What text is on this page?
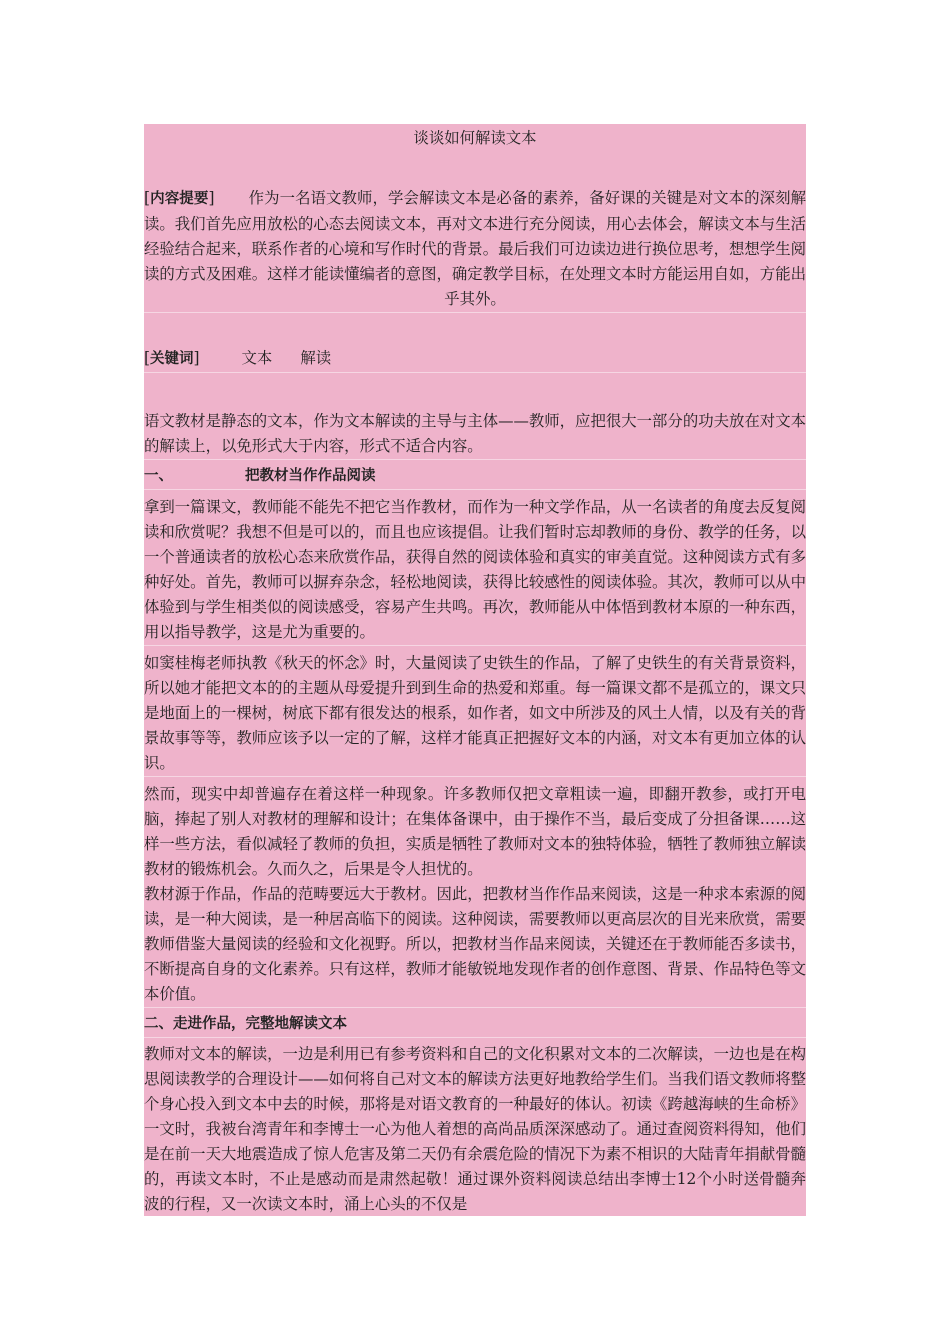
谈谈如何解读文本
[内容提要] 作为一名语文教师，学会解读文本是必备的素养，备好课的关键是对文本的深刻解读。我们首先应用放松的心态去阅读文本，再对文本进行充分阅读，用心去体会，解读文本与生活经验结合起来，联系作者的心境和写作时代的背景。最后我们可边读边进行换位思考，想想学生阅读的方式及困难。这样才能读懂编者的意图，确定教学目标，在处理文本时方能运用自如，方能出乎其外。
[关键词]	文本 解读
语文教材是静态的文本，作为文本解读的主导与主体——教师，应把很大一部分的功夫放在对文本的解读上，以免形式大于内容，形式不适合内容。
一、	把教材当作作品阅读
拿到一篇课文，教师能不能先不把它当作教材，而作为一种文学作品，从一名读者的角度去反复阅读和欣赏呢？我想不但是可以的，而且也应该提倡。让我们暂时忘却教师的身份、教学的任务，以一个普通读者的放松心态来欣赏作品，获得自然的阅读体验和真实的审美直觉。这种阅读方式有多种好处。首先，教师可以摒弃杂念，轻松地阅读，获得比较感性的阅读体验。其次，教师可以从中体验到与学生相类似的阅读感受，容易产生共鸣。再次，教师能从中体悟到教材本原的一种东西，用以指导教学，这是尤为重要的。
如窦桂梅老师执教《秋天的怀念》时，大量阅读了史铁生的作品，了解了史铁生的有关背景资料，所以她才能把文本的的主题从母爱提升到到生命的热爱和郑重。每一篇课文都不是孤立的，课文只是地面上的一棵树，树底下都有很发达的根系，如作者，如文中所涉及的风土人情，以及有关的背景故事等等，教师应该予以一定的了解，这样才能真正把握好文本的内涵，对文本有更加立体的认识。
然而，现实中却普遍存在着这样一种现象。许多教师仅把文章粗读一遍，即翻开教参，或打开电脑，捧起了别人对教材的理解和设计；在集体备课中，由于操作不当，最后变成了分担备课……这样一些方法，看似减轻了教师的负担，实质是牺牲了教师对文本的独特体验，牺牲了教师独立解读教材的锻炼机会。久而久之，后果是令人担忧的。
教材源于作品，作品的范畴要远大于教材。因此，把教材当作作品来阅读，这是一种求本索源的阅读，是一种大阅读，是一种居高临下的阅读。这种阅读，需要教师以更高层次的目光来欣赏，需要教师借鉴大量阅读的经验和文化视野。所以，把教材当作品来阅读，关键还在于教师能否多读书，不断提高自身的文化素养。只有这样，教师才能敏锐地发现作者的创作意图、背景、作品特色等文本价值。
二、走进作品，完整地解读文本
教师对文本的解读，一边是利用已有参考资料和自己的文化积累对文本的二次解读，一边也是在构思阅读教学的合理设计——如何将自己对文本的解读方法更好地教给学生们。当我们语文教师将整个身心投入到文本中去的时候，那将是对语文教育的一种最好的体认。初读《跨越海峡的生命桥》一文时，我被台湾青年和李博士一心为他人着想的高尚品质深深感动了。通过查阅资料得知，他们是在前一天大地震造成了惊人危害及第二天仍有余震危险的情况下为素不相识的大陆青年捐献骨髓的，再读文本时，不止是感动而是肃然起敬！通过课外资料阅读总结出李博士12个小时送骨髓奔波的行程，又一次读文本时，涌上心头的不仅是
